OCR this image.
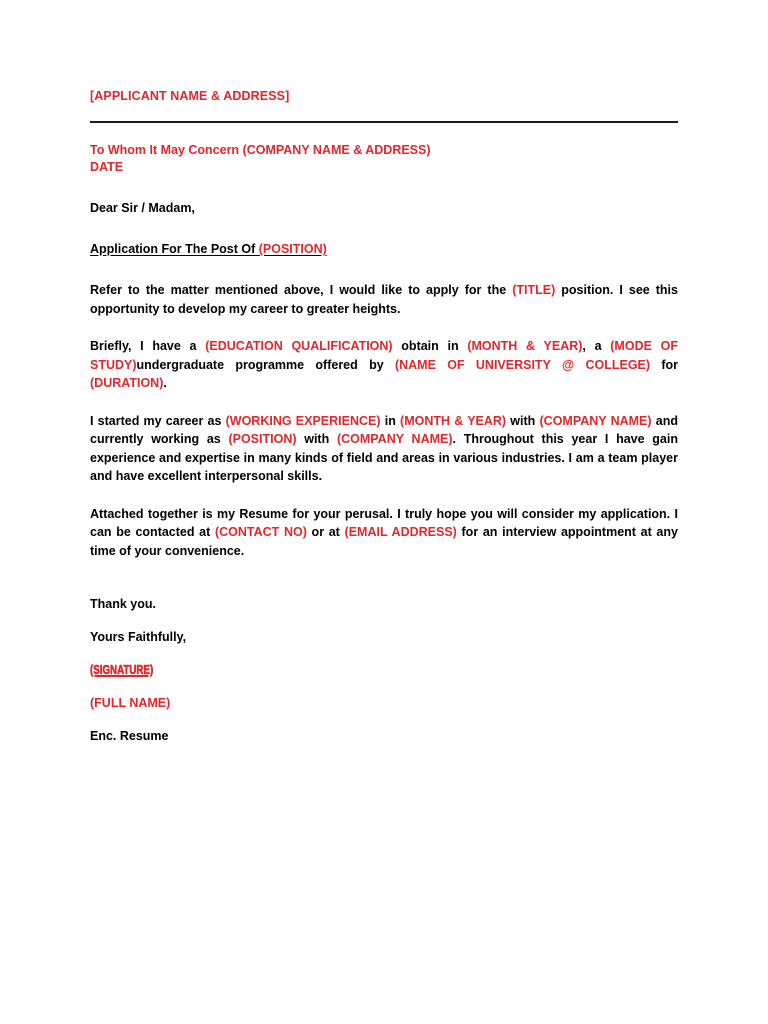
[APPLICANT NAME & ADDRESS]
To Whom It May Concern (COMPANY NAME & ADDRESS)
DATE
Dear Sir / Madam,
Application For The Post Of (POSITION)

Refer to the matter mentioned above, I would like to apply for the (TITLE) position. I see this opportunity to develop my career to greater heights.

Briefly, I have a (EDUCATION QUALIFICATION) obtain in (MONTH & YEAR), a (MODE OF STUDY)undergraduate programme offered by (NAME OF UNIVERSITY @ COLLEGE) for (DURATION).

I started my career as (WORKING EXPERIENCE) in (MONTH & YEAR) with (COMPANY NAME) and currently working as (POSITION) with (COMPANY NAME). Throughout this year I have gain experience and expertise in many kinds of field and areas in various industries. I am a team player and have excellent interpersonal skills.

Attached together is my Resume for your perusal. I truly hope you will consider my application. I can be contacted at (CONTACT NO) or at (EMAIL ADDRESS) for an interview appointment at any time of your convenience.

Thank you.
Yours Faithfully,
(SIGNATURE)
(FULL NAME)
Enc. Resume
